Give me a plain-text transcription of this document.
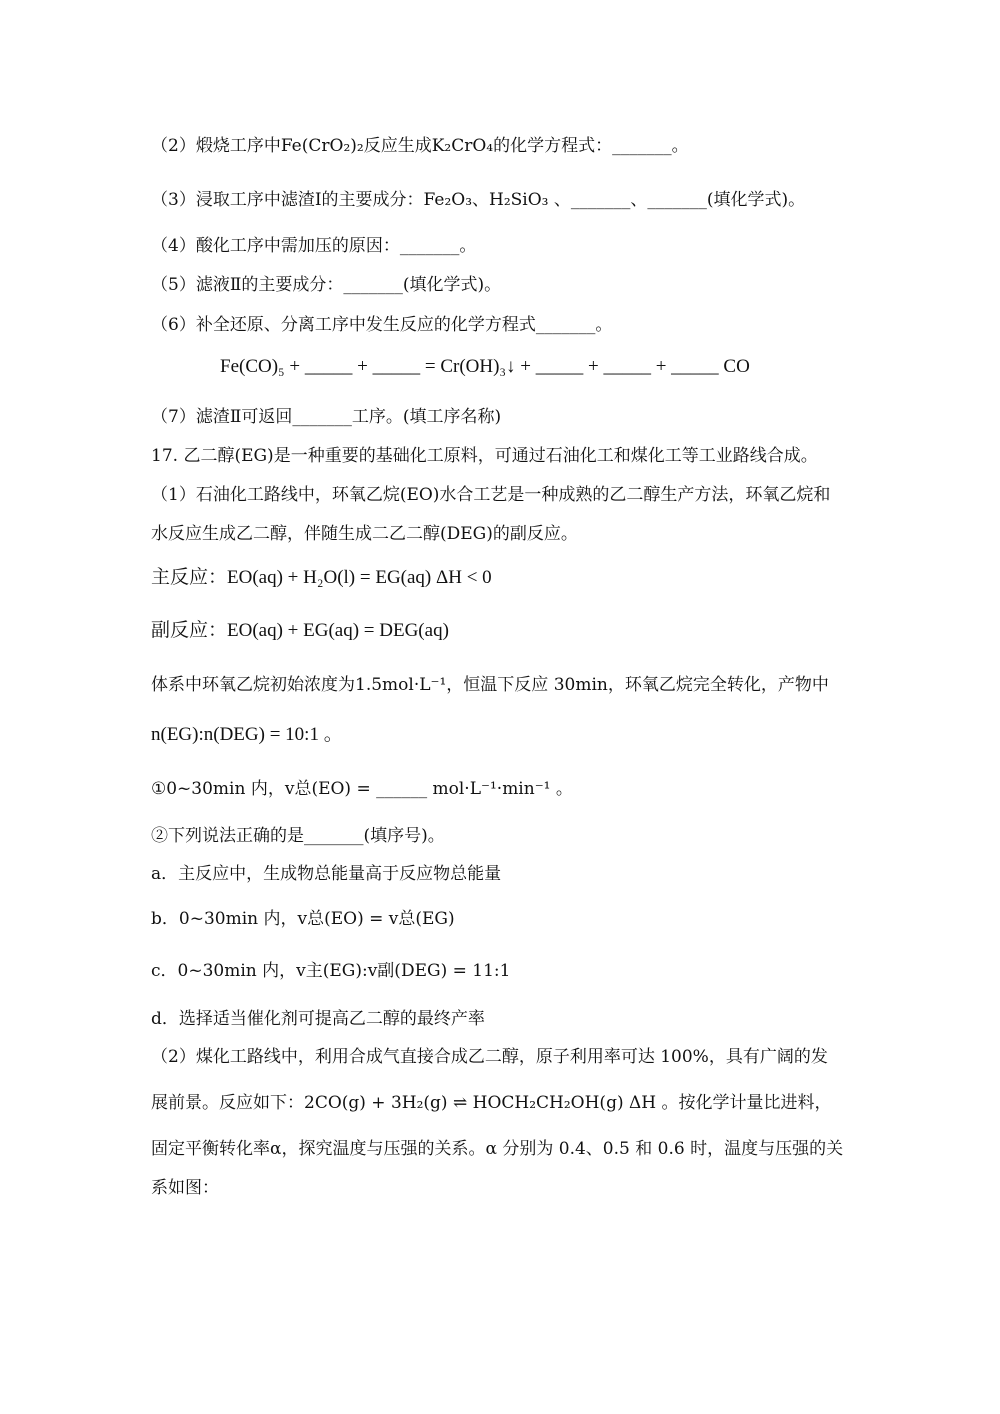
（2）煅烧工序中Fe(CrO₂)₂反应生成K₂CrO₄的化学方程式：_______。
（3）浸取工序中滤渣Ⅰ的主要成分：Fe₂O₃、H₂SiO₃ 、_______、_______(填化学式)。
（4）酸化工序中需加压的原因：_______。
（5）滤液Ⅱ的主要成分：_______(填化学式)。
（6）补全还原、分离工序中发生反应的化学方程式_______。
Fe(CO)₅ + _____ + _____ = Cr(OH)₃↓ + _____ + _____ + _____ CO
（7）滤渣Ⅱ可返回_______工序。(填工序名称)
17. 乙二醇(EG)是一种重要的基础化工原料，可通过石油化工和煤化工等工业路线合成。
（1）石油化工路线中，环氧乙烷(EO)水合工艺是一种成熟的乙二醇生产方法，环氧乙烷和
水反应生成乙二醇，伴随生成二乙二醇(DEG)的副反应。
主反应：EO(aq) + H₂O(l) = EG(aq) ΔH < 0
副反应：EO(aq) + EG(aq) = DEG(aq)
体系中环氧乙烷初始浓度为1.5mol·L⁻¹，恒温下反应 30min，环氧乙烷完全转化，产物中
n(EG):n(DEG) = 10:1 。
①0~30min 内，v总(EO) = ______ mol·L⁻¹·min⁻¹ 。
②下列说法正确的是_______(填序号)。
a．主反应中，生成物总能量高于反应物总能量
b．0~30min 内，v总(EO) = v总(EG)
c．0~30min 内，v主(EG):v副(DEG) = 11:1
d．选择适当催化剂可提高乙二醇的最终产率
（2）煤化工路线中，利用合成气直接合成乙二醇，原子利用率可达 100%，具有广阔的发
展前景。反应如下：2CO(g) + 3H₂(g) ⇌ HOCH₂CH₂OH(g) ΔH 。按化学计量比进料，
固定平衡转化率α，探究温度与压强的关系。α 分别为 0.4、0.5 和 0.6 时，温度与压强的关
系如图：
